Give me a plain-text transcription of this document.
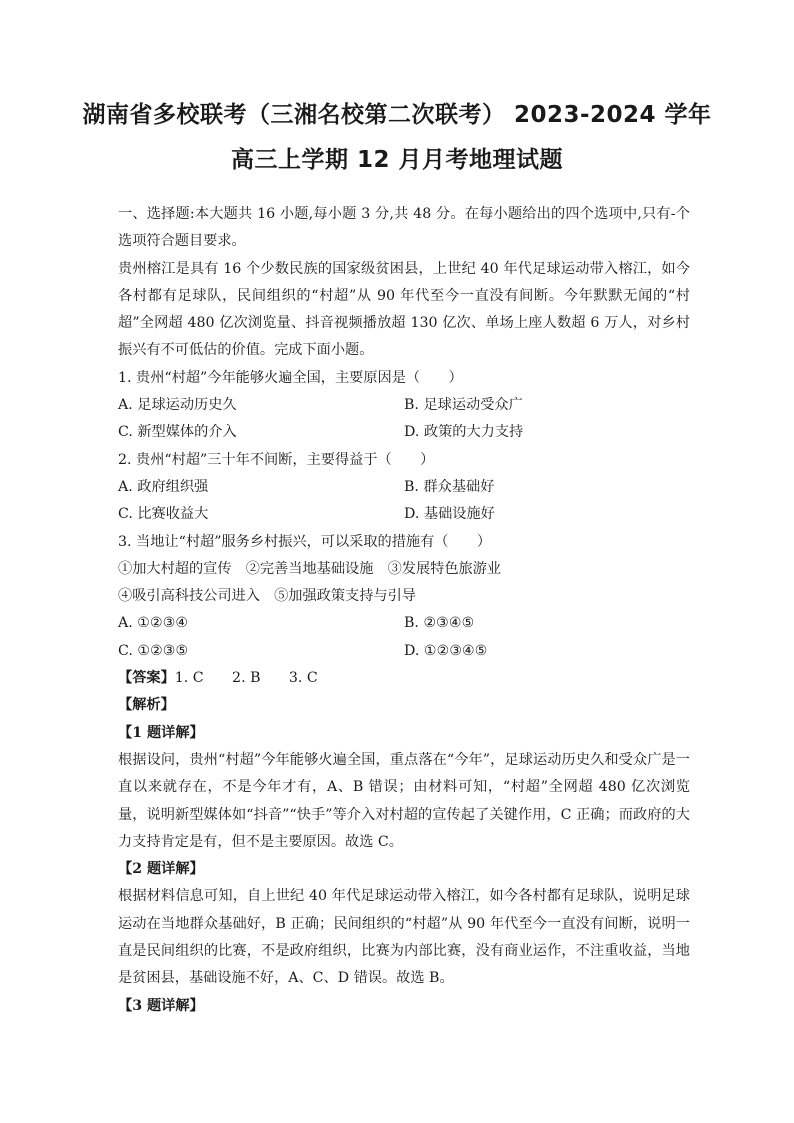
湖南省多校联考（三湘名校第二次联考） 2023-2024 学年
高三上学期 12 月月考地理试题

一、选择题:本大题共 16 小题,每小题 3 分,共 48 分。在每小题给出的四个选项中,只有-个选项符合题目要求。

贵州榕江是具有 16 个少数民族的国家级贫困县，上世纪 40 年代足球运动带入榕江，如今各村都有足球队，民间组织的“村超”从 90 年代至今一直没有间断。今年默默无闻的“村超”全网超 480 亿次浏览量、抖音视频播放超 130 亿次、单场上座人数超 6 万人，对乡村振兴有不可低估的价值。完成下面小题。

1. 贵州“村超”今年能够火遍全国，主要原因是（　　）

A. 足球运动历史久	B. 足球运动受众广
C. 新型媒体的介入	D. 政策的大力支持

2. 贵州“村超”三十年不间断，主要得益于（　　）

A. 政府组织强	B. 群众基础好
C. 比赛收益大	D. 基础设施好

3. 当地让“村超”服务乡村振兴，可以采取的措施有（　　）

①加大村超的宣传　②完善当地基础设施　③发展特色旅游业

④吸引高科技公司进入　⑤加强政策支持与引导

A. ①②③④	B. ②③④⑤
C. ①②③⑤	D. ①②③④⑤

【答案】1. C　　2. B　　3. C

【解析】

【1 题详解】

根据设问，贵州“村超”今年能够火遍全国，重点落在“今年”，足球运动历史久和受众广是一直以来就存在，不是今年才有，A、B 错误；由材料可知，“村超”全网超 480 亿次浏览量，说明新型媒体如“抖音”“快手”等介入对村超的宣传起了关键作用，C 正确；而政府的大力支持肯定是有，但不是主要原因。故选 C。

【2 题详解】

根据材料信息可知，自上世纪 40 年代足球运动带入榕江，如今各村都有足球队，说明足球运动在当地群众基础好，B 正确；民间组织的“村超”从 90 年代至今一直没有间断，说明一直是民间组织的比赛，不是政府组织，比赛为内部比赛，没有商业运作，不注重收益，当地是贫困县，基础设施不好，A、C、D 错误。故选 B。

【3 题详解】
